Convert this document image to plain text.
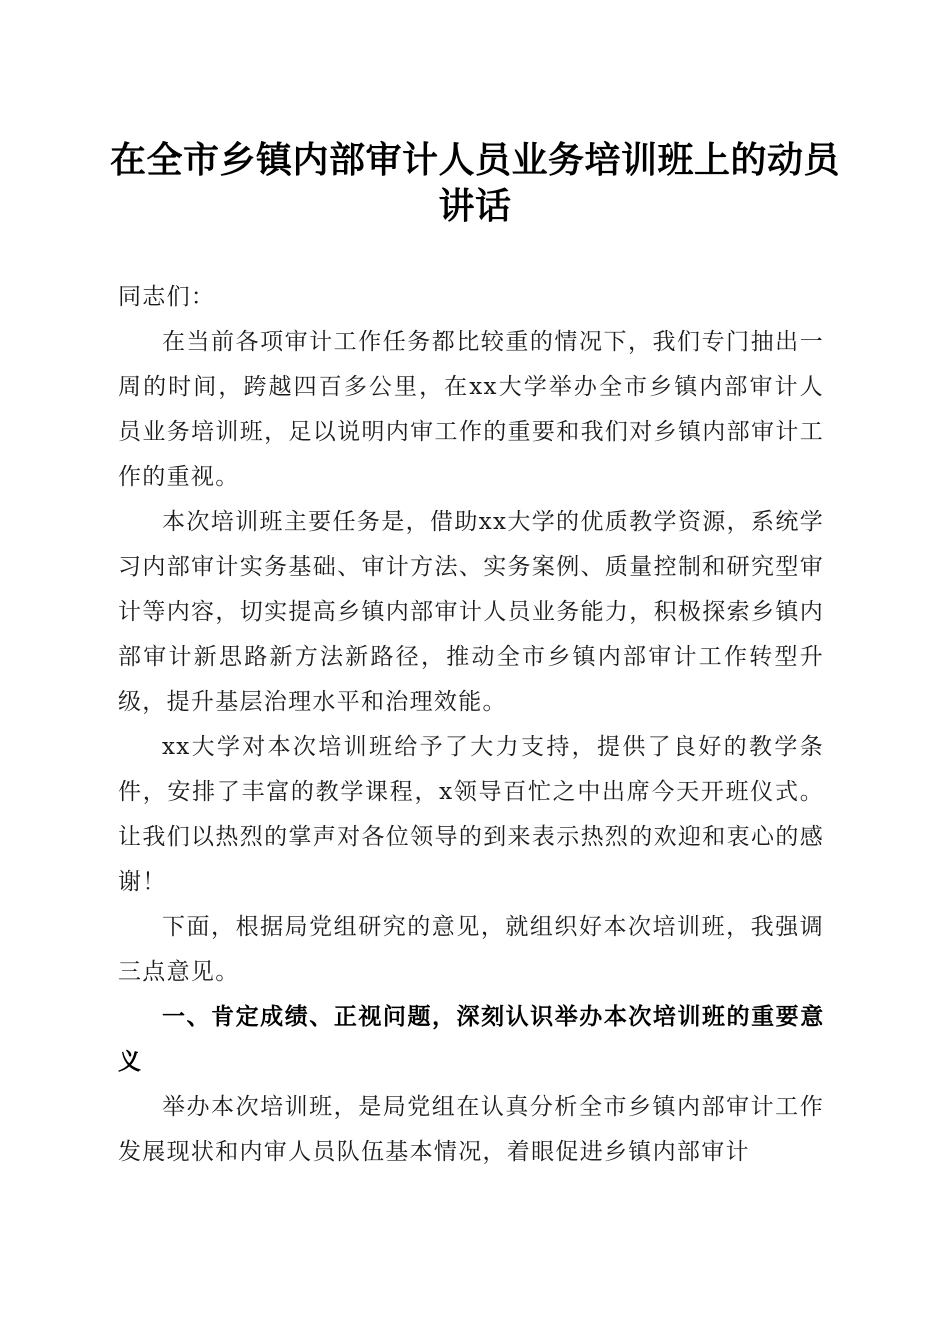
在全市乡镇内部审计人员业务培训班上的动员讲话

同志们：

在当前各项审计工作任务都比较重的情况下，我们专门抽出一周的时间，跨越四百多公里，在xx大学举办全市乡镇内部审计人员业务培训班，足以说明内审工作的重要和我们对乡镇内部审计工作的重视。

本次培训班主要任务是，借助xx大学的优质教学资源，系统学习内部审计实务基础、审计方法、实务案例、质量控制和研究型审计等内容，切实提高乡镇内部审计人员业务能力，积极探索乡镇内部审计新思路新方法新路径，推动全市乡镇内部审计工作转型升级，提升基层治理水平和治理效能。

xx大学对本次培训班给予了大力支持，提供了良好的教学条件，安排了丰富的教学课程，x领导百忙之中出席今天开班仪式。让我们以热烈的掌声对各位领导的到来表示热烈的欢迎和衷心的感谢！

下面，根据局党组研究的意见，就组织好本次培训班，我强调三点意见。

一、肯定成绩、正视问题，深刻认识举办本次培训班的重要意义

举办本次培训班，是局党组在认真分析全市乡镇内部审计工作发展现状和内审人员队伍基本情况，着眼促进乡镇内部审计
